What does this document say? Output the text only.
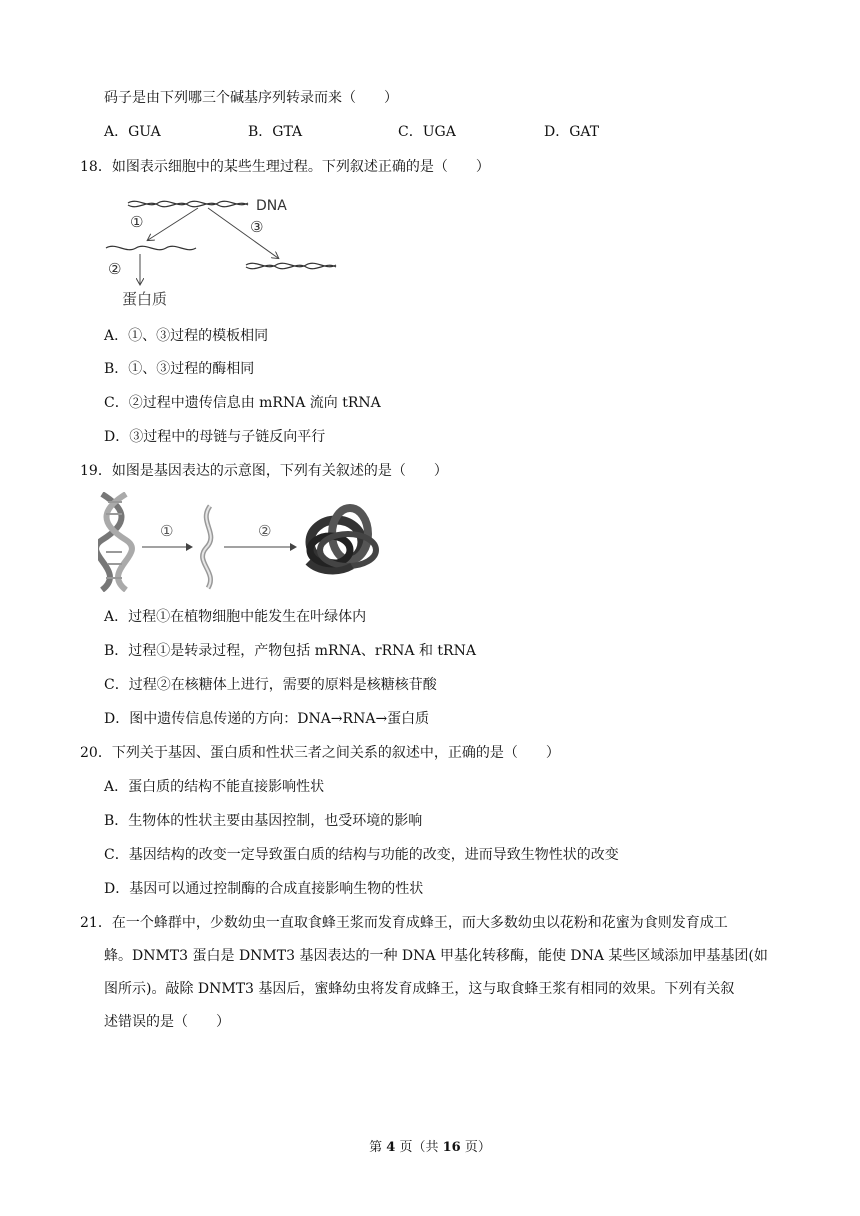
码子是由下列哪三个碱基序列转录而来（　　）
A．GUA	B．GTA	C．UGA	D．GAT
18．如图表示细胞中的某些生理过程。下列叙述正确的是（　　）
DNA
①	③
②
蛋白质
A．①、③过程的模板相同
B．①、③过程的酶相同
C．②过程中遗传信息由 mRNA 流向 tRNA
D．③过程中的母链与子链反向平行
19．如图是基因表达的示意图，下列有关叙述的是（　　）
①	②
A．过程①在植物细胞中能发生在叶绿体内
B．过程①是转录过程，产物包括 mRNA、rRNA 和 tRNA
C．过程②在核糖体上进行，需要的原料是核糖核苷酸
D．图中遗传信息传递的方向：DNA→RNA→蛋白质
20．下列关于基因、蛋白质和性状三者之间关系的叙述中，正确的是（　　）
A．蛋白质的结构不能直接影响性状
B．生物体的性状主要由基因控制，也受环境的影响
C．基因结构的改变一定导致蛋白质的结构与功能的改变，进而导致生物性状的改变
D．基因可以通过控制酶的合成直接影响生物的性状
21．在一个蜂群中，少数幼虫一直取食蜂王浆而发育成蜂王，而大多数幼虫以花粉和花蜜为食则发育成工
蜂。DNMT3 蛋白是 DNMT3 基因表达的一种 DNA 甲基化转移酶，能使 DNA 某些区域添加甲基基团(如
图所示)。敲除 DNMT3 基因后，蜜蜂幼虫将发育成蜂王，这与取食蜂王浆有相同的效果。下列有关叙
述错误的是（　　）
第 4 页（共 16 页）
